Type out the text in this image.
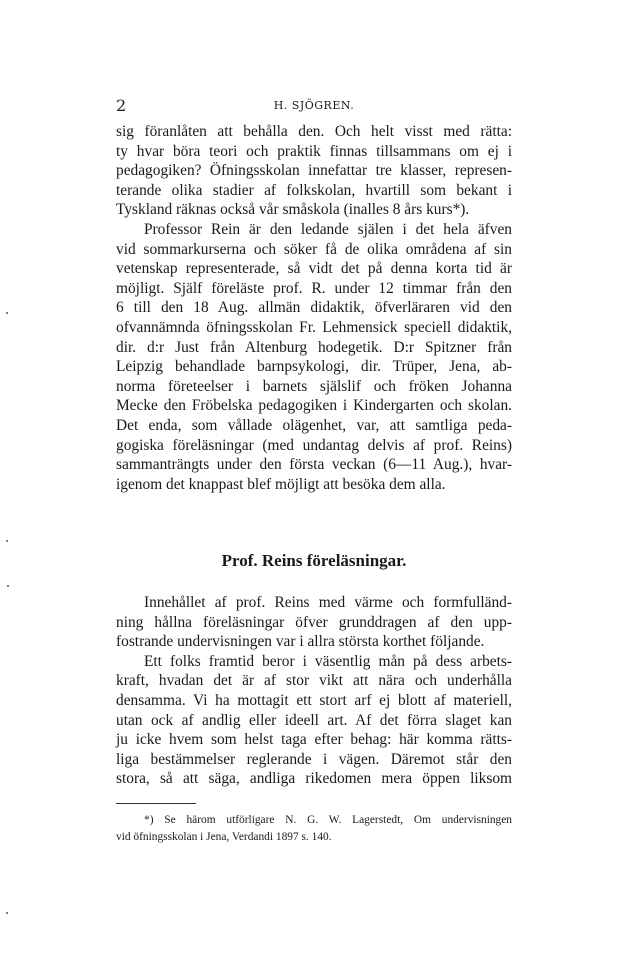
2	H. SJÖGREN.
sig föranlåten att behålla den. Och helt visst med rätta:
ty hvar böra teori och praktik finnas tillsammans om ej i
pedagogiken? Öfningsskolan innefattar tre klasser, represen-
terande olika stadier af folkskolan, hvartill som bekant i
Tyskland räknas också vår småskola (inalles 8 års kurs*).
Professor Rein är den ledande själen i det hela äfven
vid sommarkurserna och söker få de olika områdena af sin
vetenskap representerade, så vidt det på denna korta tid är
möjligt. Själf föreläste prof. R. under 12 timmar från den
6 till den 18 Aug. allmän didaktik, öfverläraren vid den
ofvannämnda öfningsskolan Fr. Lehmensick speciell didaktik,
dir. d:r Just från Altenburg hodegetik. D:r Spitzner från
Leipzig behandlade barnpsykologi, dir. Trüper, Jena, ab-
norma företeelser i barnets själslif och fröken Johanna
Mecke den Fröbelska pedagogiken i Kindergarten och skolan.
Det enda, som vållade olägenhet, var, att samtliga peda-
gogiska föreläsningar (med undantag delvis af prof. Reins)
sammanträngts under den första veckan (6—11 Aug.), hvar-
igenom det knappast blef möjligt att besöka dem alla.
Prof. Reins föreläsningar.
Innehållet af prof. Reins med värme och formfulländ-
ning hållna föreläsningar öfver grunddragen af den upp-
fostrande undervisningen var i allra största korthet följande.
Ett folks framtid beror i väsentlig mån på dess arbets-
kraft, hvadan det är af stor vikt att nära och underhålla
densamma. Vi ha mottagit ett stort arf ej blott af materiell,
utan ock af andlig eller ideell art. Af det förra slaget kan
ju icke hvem som helst taga efter behag: här komma rätts-
liga bestämmelser reglerande i vägen. Däremot står den
stora, så att säga, andliga rikedomen mera öppen liksom
*) Se härom utförligare N. G. W. Lagerstedt, Om undervisningen
vid öfningsskolan i Jena, Verdandi 1897 s. 140.
